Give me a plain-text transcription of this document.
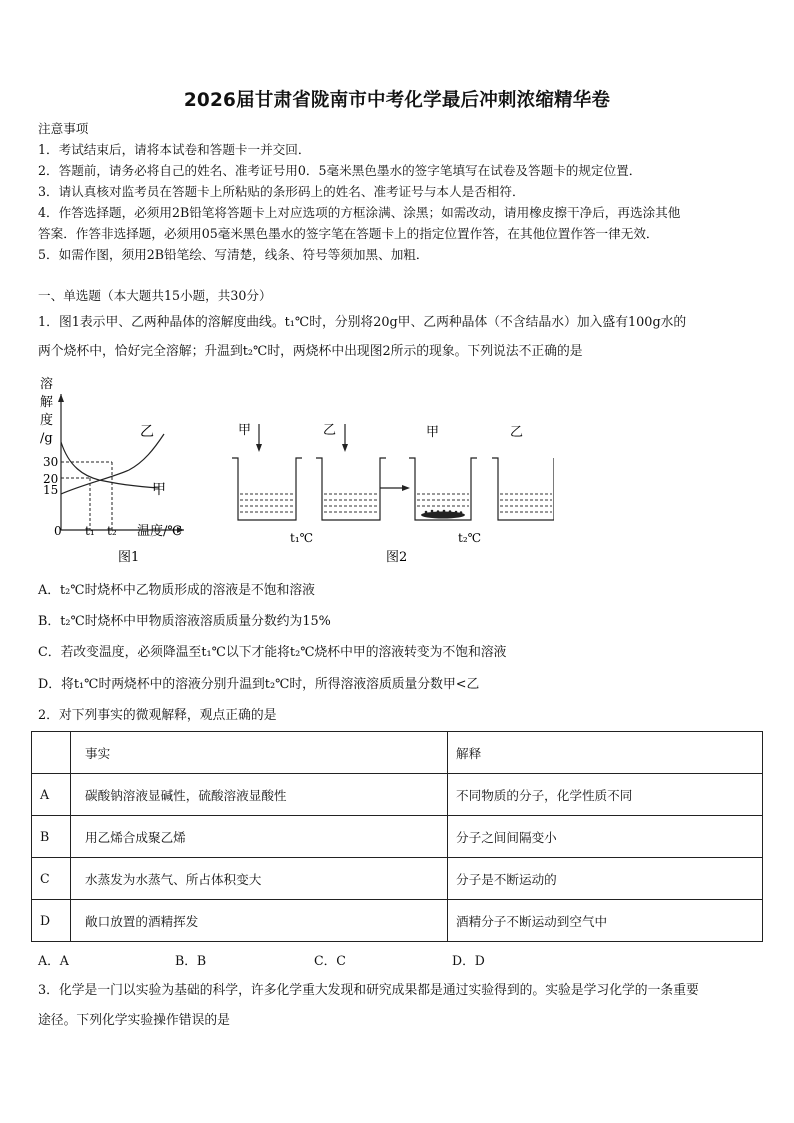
2026届甘肃省陇南市中考化学最后冲刺浓缩精华卷
注意事项
1．考试结束后，请将本试卷和答题卡一并交回．
2．答题前，请务必将自己的姓名、准考证号用0．5毫米黑色墨水的签字笔填写在试卷及答题卡的规定位置．
3．请认真核对监考员在答题卡上所粘贴的条形码上的姓名、准考证号与本人是否相符．
4．作答选择题，必须用2B铅笔将答题卡上对应选项的方框涂满、涂黑；如需改动，请用橡皮擦干净后，再选涂其他
答案．作答非选择题，必须用05毫米黑色墨水的签字笔在答题卡上的指定位置作答，在其他位置作答一律无效．
5．如需作图，须用2B铅笔绘、写清楚，线条、符号等须加黑、加粗．
一、单选题（本大题共15小题，共30分）
1．图1表示甲、乙两种晶体的溶解度曲线。t₁℃时，分别将20g甲、乙两种晶体（不含结晶水）加入盛有100g水的
两个烧杯中，恰好完全溶解；升温到t₂℃时，两烧杯中出现图2所示的现象。下列说法不正确的是
溶
解
度
/g
30
20
15
乙
甲
0 t₁ t₂ 温度/℃
图1
甲	乙	甲	乙
t₁℃	t₂℃
图2
A．t₂℃时烧杯中乙物质形成的溶液是不饱和溶液
B．t₂℃时烧杯中甲物质溶液溶质质量分数约为15%
C．若改变温度，必须降温至t₁℃以下才能将t₂℃烧杯中甲的溶液转变为不饱和溶液
D．将t₁℃时两烧杯中的溶液分别升温到t₂℃时，所得溶液溶质质量分数甲<乙
2．对下列事实的微观解释，观点正确的是
	事实	解释
A	碳酸钠溶液显碱性，硫酸溶液显酸性	不同物质的分子，化学性质不同
B	用乙烯合成聚乙烯	分子之间间隔变小
C	水蒸发为水蒸气、所占体积变大	分子是不断运动的
D	敞口放置的酒精挥发	酒精分子不断运动到空气中
A．A	B．B	C．C	D．D
3．化学是一门以实验为基础的科学，许多化学重大发现和研究成果都是通过实验得到的。实验是学习化学的一条重要
途径。下列化学实验操作错误的是
